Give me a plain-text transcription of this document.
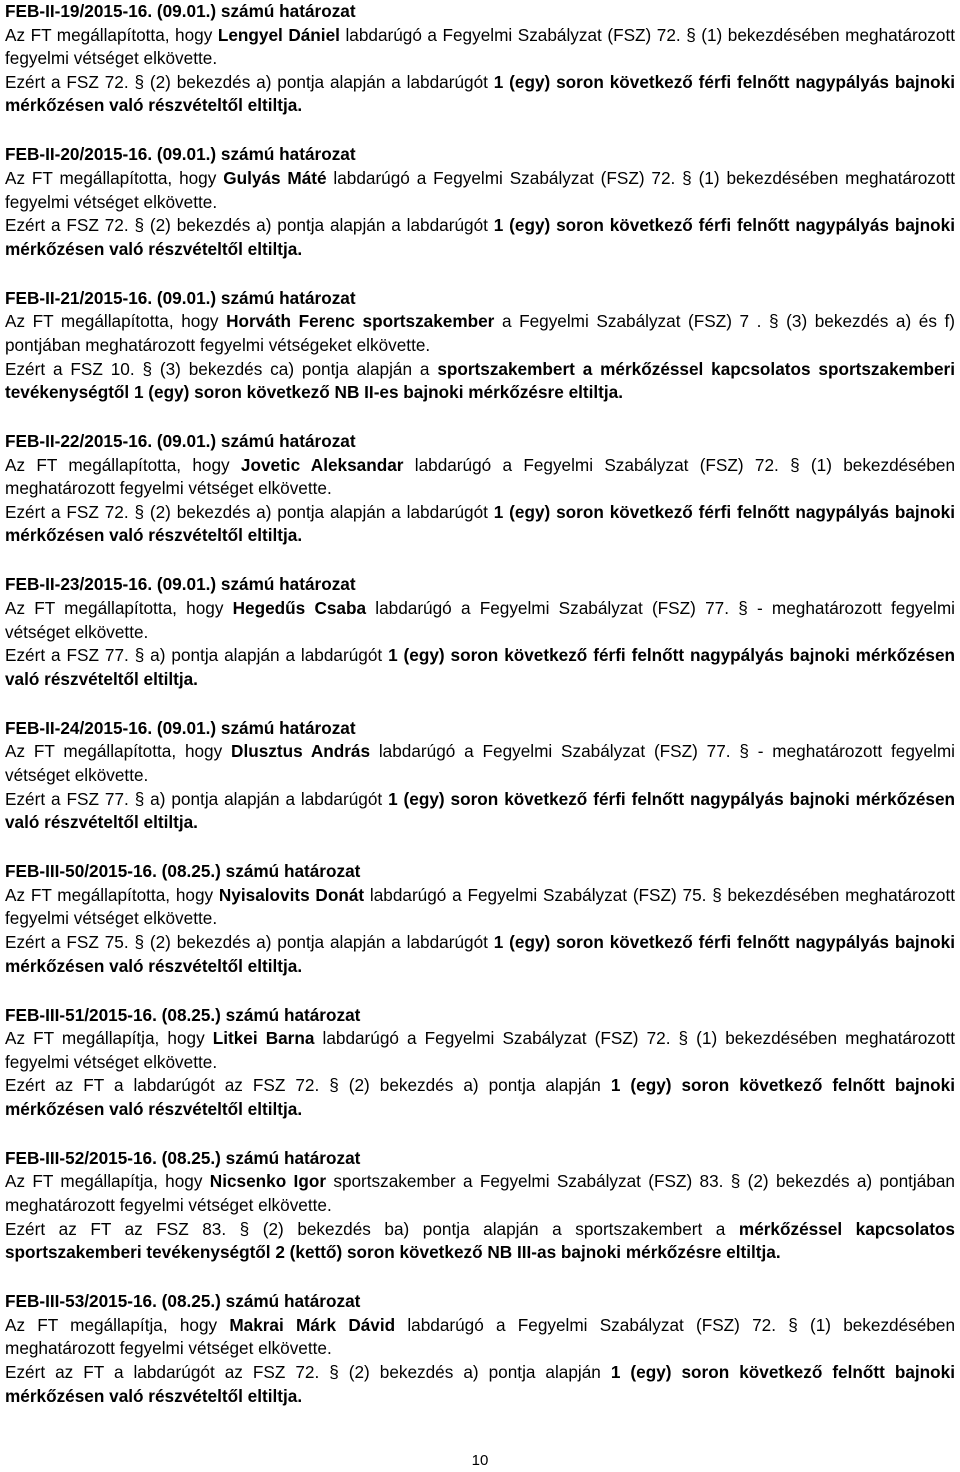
FEB-II-19/2015-16. (09.01.) számú határozat

Az FT megállapította, hogy Lengyel Dániel labdarúgó a Fegyelmi Szabályzat (FSZ) 72. § (1) bekezdésében meghatározott fegyelmi vétséget elkövette.

Ezért a FSZ 72. § (2) bekezdés a) pontja alapján a labdarúgót 1 (egy) soron következő férfi felnőtt nagypályás bajnoki mérkőzésen való részvételtől eltiltja.

FEB-II-20/2015-16. (09.01.) számú határozat

Az FT megállapította, hogy Gulyás Máté labdarúgó a Fegyelmi Szabályzat (FSZ) 72. § (1) bekezdésében meghatározott fegyelmi vétséget elkövette.

Ezért a FSZ 72. § (2) bekezdés a) pontja alapján a labdarúgót 1 (egy) soron következő férfi felnőtt nagypályás bajnoki mérkőzésen való részvételtől eltiltja.

FEB-II-21/2015-16. (09.01.) számú határozat

Az FT megállapította, hogy Horváth Ferenc sportszakember a Fegyelmi Szabályzat (FSZ) 7 . § (3) bekezdés a) és f) pontjában meghatározott fegyelmi vétségeket elkövette.

Ezért a FSZ 10. § (3) bekezdés ca) pontja alapján a sportszakembert a mérkőzéssel kapcsolatos sportszakemberi tevékenységtől 1 (egy) soron következő NB II-es bajnoki mérkőzésre eltiltja.

FEB-II-22/2015-16. (09.01.) számú határozat

Az FT megállapította, hogy Jovetic Aleksandar labdarúgó a Fegyelmi Szabályzat (FSZ) 72. § (1) bekezdésében meghatározott fegyelmi vétséget elkövette.

Ezért a FSZ 72. § (2) bekezdés a) pontja alapján a labdarúgót 1 (egy) soron következő férfi felnőtt nagypályás bajnoki mérkőzésen való részvételtől eltiltja.

FEB-II-23/2015-16. (09.01.) számú határozat

Az FT megállapította, hogy Hegedűs Csaba labdarúgó a Fegyelmi Szabályzat (FSZ) 77. § - meghatározott fegyelmi vétséget elkövette.

Ezért a FSZ 77. § a) pontja alapján a labdarúgót 1 (egy) soron következő férfi felnőtt nagypályás bajnoki mérkőzésen való részvételtől eltiltja.

FEB-II-24/2015-16. (09.01.) számú határozat

Az FT megállapította, hogy Dlusztus András labdarúgó a Fegyelmi Szabályzat (FSZ) 77. § - meghatározott fegyelmi vétséget elkövette.

Ezért a FSZ 77. § a) pontja alapján a labdarúgót 1 (egy) soron következő férfi felnőtt nagypályás bajnoki mérkőzésen való részvételtől eltiltja.

FEB-III-50/2015-16. (08.25.) számú határozat

Az FT megállapította, hogy Nyisalovits Donát labdarúgó a Fegyelmi Szabályzat (FSZ) 75. § bekezdésében meghatározott fegyelmi vétséget elkövette.

Ezért a FSZ 75. § (2) bekezdés a) pontja alapján a labdarúgót 1 (egy) soron következő férfi felnőtt nagypályás bajnoki mérkőzésen való részvételtől eltiltja.

FEB-III-51/2015-16. (08.25.) számú határozat

Az FT megállapítja, hogy Litkei Barna labdarúgó a Fegyelmi Szabályzat (FSZ) 72. § (1) bekezdésében meghatározott fegyelmi vétséget elkövette.

Ezért az FT a labdarúgót az FSZ 72. § (2) bekezdés a) pontja alapján 1 (egy) soron következő felnőtt bajnoki mérkőzésen való részvételtől eltiltja.

FEB-III-52/2015-16. (08.25.) számú határozat

Az FT megállapítja, hogy Nicsenko Igor sportszakember a Fegyelmi Szabályzat (FSZ) 83. § (2) bekezdés a) pontjában meghatározott fegyelmi vétséget elkövette.

Ezért az FT az FSZ 83. § (2) bekezdés ba) pontja alapján a sportszakembert a mérkőzéssel kapcsolatos sportszakemberi tevékenységtől 2 (kettő) soron következő NB III-as bajnoki mérkőzésre eltiltja.

FEB-III-53/2015-16. (08.25.) számú határozat

Az FT megállapítja, hogy Makrai Márk Dávid labdarúgó a Fegyelmi Szabályzat (FSZ) 72. § (1) bekezdésében meghatározott fegyelmi vétséget elkövette.

Ezért az FT a labdarúgót az FSZ 72. § (2) bekezdés a) pontja alapján 1 (egy) soron következő felnőtt bajnoki mérkőzésen való részvételtől eltiltja.

10
